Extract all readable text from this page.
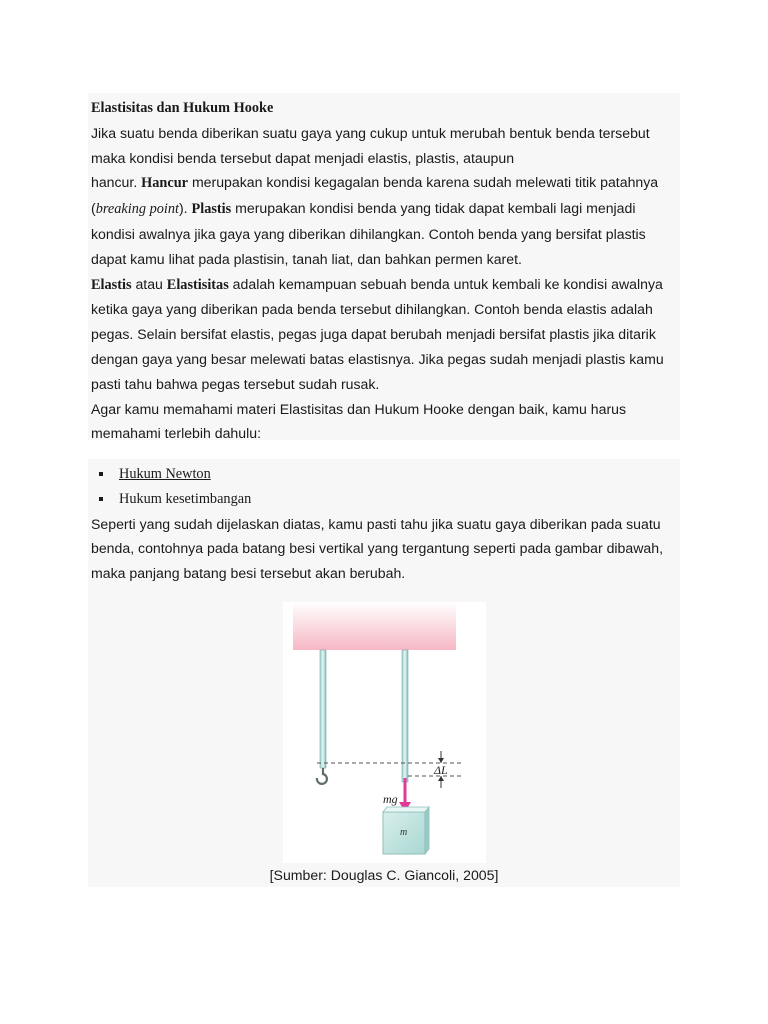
Elastisitas dan Hukum Hooke

Jika suatu benda diberikan suatu gaya yang cukup untuk merubah bentuk benda tersebut maka kondisi benda tersebut dapat menjadi elastis, plastis, ataupun

hancur. Hancur merupakan kondisi kegagalan benda karena sudah melewati titik patahnya (breaking point). Plastis merupakan kondisi benda yang tidak dapat kembali lagi menjadi kondisi awalnya jika gaya yang diberikan dihilangkan. Contoh benda yang bersifat plastis dapat kamu lihat pada plastisin, tanah liat, dan bahkan permen karet.

Elastis atau Elastisitas adalah kemampuan sebuah benda untuk kembali ke kondisi awalnya ketika gaya yang diberikan pada benda tersebut dihilangkan. Contoh benda elastis adalah pegas. Selain bersifat elastis, pegas juga dapat berubah menjadi bersifat plastis jika ditarik dengan gaya yang besar melewati batas elastisnya. Jika pegas sudah menjadi plastis kamu pasti tahu bahwa pegas tersebut sudah rusak.

Agar kamu memahami materi Elastisitas dan Hukum Hooke dengan baik, kamu harus memahami terlebih dahulu:

Hukum Newton
Hukum kesetimbangan

Seperti yang sudah dijelaskan diatas, kamu pasti tahu jika suatu gaya diberikan pada suatu benda, contohnya pada batang besi vertikal yang tergantung seperti pada gambar dibawah, maka panjang batang besi tersebut akan berubah.

ΔL
mg
m
[Sumber: Douglas C. Giancoli, 2005]
